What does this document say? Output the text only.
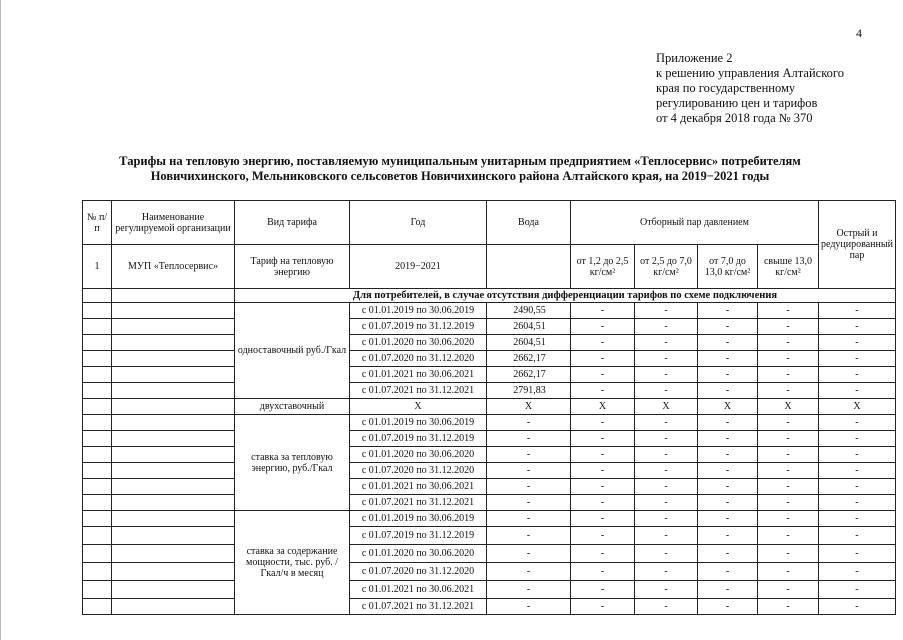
4
Приложение 2
к решению управления Алтайского
края по государственному
регулированию цен и тарифов
от 4 декабря 2018 года № 370
Тарифы на тепловую энергию, поставляемую муниципальным унитарным предприятием «Теплосервис» потребителям
Новичихинского, Мельниковского сельсоветов Новичихинского района Алтайского края, на 2019−2021 годы
№ п/п	Наименование регулируемой организации	Вид тарифа	Год	Вода	Отборный пар давлением				Острый и редуцированный пар
1	МУП «Теплосервис»	Тариф на тепловую энергию	2019−2021		от 1,2 до 2,5 кг/см²	от 2,5 до 7,0 кг/см²	от 7,0 до 13,0 кг/см²	свыше 13,0 кг/см²	
		Для потребителей, в случае отсутствия дифференциации тарифов по схеме подключения							
		одноставочный руб./Гкал	с 01.01.2019 по 30.06.2019	2490,55	-	-	-	-	-
			с 01.07.2019 по 31.12.2019	2604,51	-	-	-	-	-
			с 01.01.2020 по 30.06.2020	2604,51	-	-	-	-	-
			с 01.07.2020 по 31.12.2020	2662,17	-	-	-	-	-
			с 01.01.2021 по 30.06.2021	2662,17	-	-	-	-	-
			с 01.07.2021 по 31.12.2021	2791,83	-	-	-	-	-
		двухставочный	X	X	X	X	X	X	X
		ставка за тепловую энергию, руб./Гкал	с 01.01.2019 по 30.06.2019	-	-	-	-	-	-
			с 01.07.2019 по 31.12.2019	-	-	-	-	-	-
			с 01.01.2020 по 30.06.2020	-	-	-	-	-	-
			с 01.07.2020 по 31.12.2020	-	-	-	-	-	-
			с 01.01.2021 по 30.06.2021	-	-	-	-	-	-
			с 01.07.2021 по 31.12.2021	-	-	-	-	-	-
		ставка за содержание мощности, тыс. руб. /Гкал/ч в месяц	с 01.01.2019 по 30.06.2019	-	-	-	-	-	-
			с 01.07.2019 по 31.12.2019	-	-	-	-	-	-
			с 01.01.2020 по 30.06.2020	-	-	-	-	-	-
			с 01.07.2020 по 31.12.2020	-	-	-	-	-	-
			с 01.01.2021 по 30.06.2021	-	-	-	-	-	-
			с 01.07.2021 по 31.12.2021	-	-	-	-	-	-
